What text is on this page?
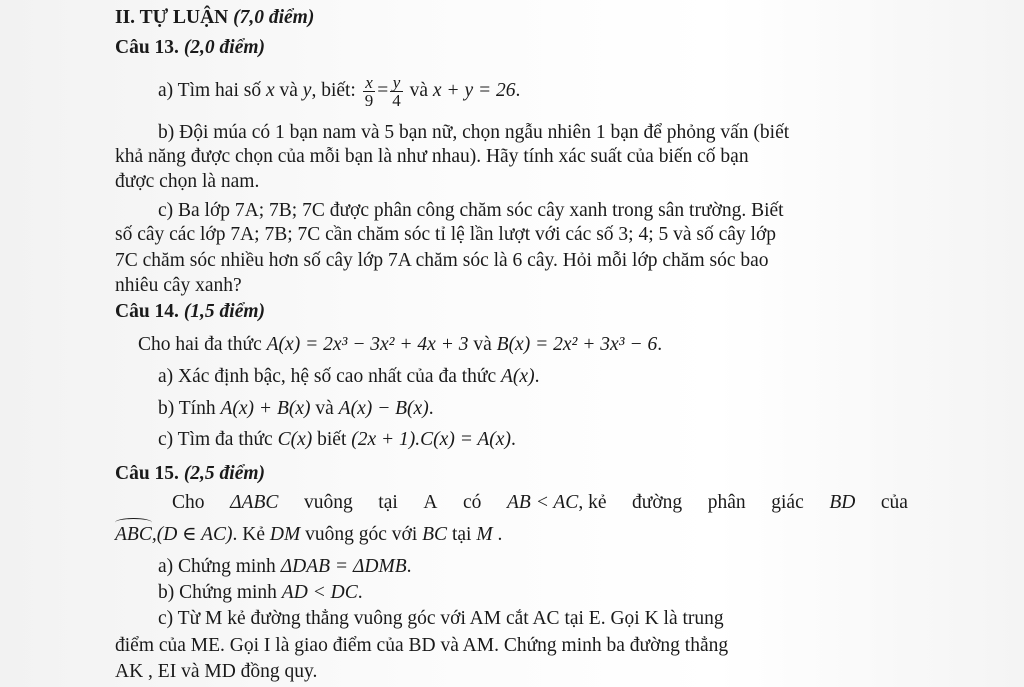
II. TỰ LUẬN (7,0 điểm)
Câu 13. (2,0 điểm)
a) Tìm hai số x và y, biết: $\frac{x}{9} = \frac{y}{4}$ và x + y = 26.
b) Đội múa có 1 bạn nam và 5 bạn nữ, chọn ngẫu nhiên 1 bạn để phỏng vấn (biết
khả năng được chọn của mỗi bạn là như nhau). Hãy tính xác suất của biến cố bạn
được chọn là nam.
c) Ba lớp 7A; 7B; 7C được phân công chăm sóc cây xanh trong sân trường. Biết
số cây các lớp 7A; 7B; 7C cần chăm sóc tỉ lệ lần lượt với các số 3; 4; 5 và số cây lớp
7C chăm sóc nhiều hơn số cây lớp 7A chăm sóc là 6 cây. Hỏi mỗi lớp chăm sóc bao
nhiêu cây xanh?
Câu 14. (1,5 điểm)
Cho hai đa thức A(x) = 2x³ − 3x² + 4x + 3 và B(x) = 2x² + 3x³ − 6.
a) Xác định bậc, hệ số cao nhất của đa thức A(x).
b) Tính A(x) + B(x) và A(x) − B(x).
c) Tìm đa thức C(x) biết (2x + 1).C(x) = A(x).
Câu 15. (2,5 điểm)
Cho ΔABC vuông tại A có AB < AC, kẻ đường phân giác BD của
ABC,(D ∈ AC). Kẻ DM vuông góc với BC tại M .
a) Chứng minh ΔDAB = ΔDMB.
b) Chứng minh AD < DC.
c) Từ M kẻ đường thẳng vuông góc với AM cắt AC tại E. Gọi K là trung
điểm của ME. Gọi I là giao điểm của BD và AM. Chứng minh ba đường thẳng
AK , EI và MD đồng quy.
